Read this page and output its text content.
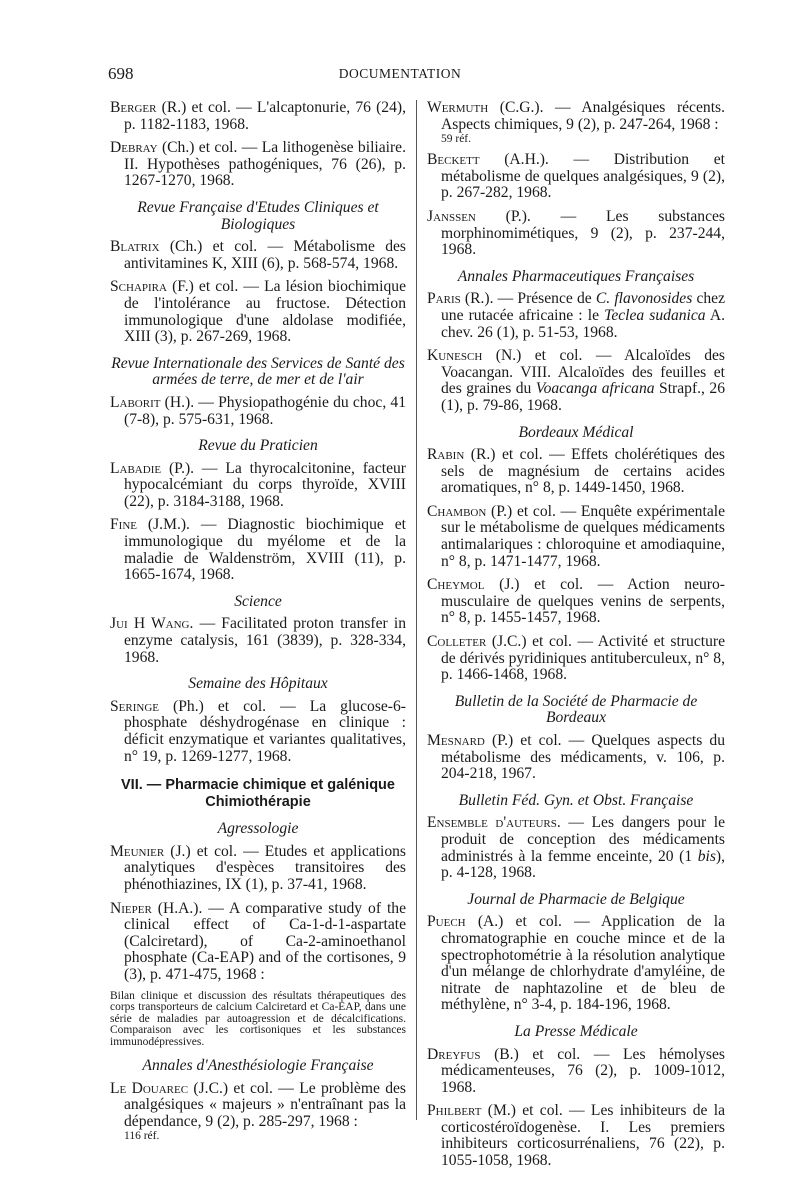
698	DOCUMENTATION

Berger (R.) et col. — L'alcaptonurie, 76 (24), p. 1182-1183, 1968.

Debray (Ch.) et col. — La lithogenèse biliaire. II. Hypothèses pathogéniques, 76 (26), p. 1267-1270, 1968.

Revue Française d'Etudes Cliniques et Biologiques

Blatrix (Ch.) et col. — Métabolisme des antivitamines K, XIII (6), p. 568-574, 1968.

Schapira (F.) et col. — La lésion biochimique de l'intolérance au fructose. Détection immunologique d'une aldolase modifiée, XIII (3), p. 267-269, 1968.

Revue Internationale des Services de Santé des armées de terre, de mer et de l'air

Laborit (H.). — Physiopathogénie du choc, 41 (7-8), p. 575-631, 1968.

Revue du Praticien

Labadie (P.). — La thyrocalcitonine, facteur hypocalcémiant du corps thyroïde, XVIII (22), p. 3184-3188, 1968.

Fine (J.M.). — Diagnostic biochimique et immunologique du myélome et de la maladie de Waldenström, XVIII (11), p. 1665-1674, 1968.

Science

Jui H Wang. — Facilitated proton transfer in enzyme catalysis, 161 (3839), p. 328-334, 1968.

Semaine des Hôpitaux

Seringe (Ph.) et col. — La glucose-6-phosphate déshydrogénase en clinique : déficit enzymatique et variantes qualitatives, n° 19, p. 1269-1277, 1968.

VII. — Pharmacie chimique et galénique Chimiothérapie
Agressologie

Meunier (J.) et col. — Etudes et applications analytiques d'espèces transitoires des phénothiazines, IX (1), p. 37-41, 1968.

Nieper (H.A.). — A comparative study of the clinical effect of Ca-1-d-1-aspartate (Calciretard), of Ca-2-aminoethanol phosphate (Ca-EAP) and of the cortisones, 9 (3), p. 471-475, 1968 :

Bilan clinique et discussion des résultats thérapeutiques des corps transporteurs de calcium Calciretard et Ca-EAP, dans une série de maladies par autoagression et de décalcifications. Comparaison avec les cortisoniques et les substances immunodépressives.

Annales d'Anesthésiologie Française

Le Douarec (J.C.) et col. — Le problème des analgésiques « majeurs » n'entraînant pas la dépendance, 9 (2), p. 285-297, 1968 :
116 réf.

Wermuth (C.G.). — Analgésiques récents. Aspects chimiques, 9 (2), p. 247-264, 1968 :
59 réf.

Beckett (A.H.). — Distribution et métabolisme de quelques analgésiques, 9 (2), p. 267-282, 1968.

Janssen (P.). — Les substances morphinomimétiques, 9 (2), p. 237-244, 1968.

Annales Pharmaceutiques Françaises

Paris (R.). — Présence de C. flavonosides chez une rutacée africaine : le Teclea sudanica A. chev. 26 (1), p. 51-53, 1968.

Kunesch (N.) et col. — Alcaloïdes des Voacangan. VIII. Alcaloïdes des feuilles et des graines du Voacanga africana Strapf., 26 (1), p. 79-86, 1968.

Bordeaux Médical

Rabin (R.) et col. — Effets cholérétiques des sels de magnésium de certains acides aromatiques, n° 8, p. 1449-1450, 1968.

Chambon (P.) et col. — Enquête expérimentale sur le métabolisme de quelques médicaments antimalariques : chloroquine et amodiaquine, n° 8, p. 1471-1477, 1968.

Cheymol (J.) et col. — Action neuro-musculaire de quelques venins de serpents, n° 8, p. 1455-1457, 1968.

Colleter (J.C.) et col. — Activité et structure de dérivés pyridiniques antituberculeux, n° 8, p. 1466-1468, 1968.

Bulletin de la Société de Pharmacie de Bordeaux

Mesnard (P.) et col. — Quelques aspects du métabolisme des médicaments, v. 106, p. 204-218, 1967.

Bulletin Féd. Gyn. et Obst. Française

Ensemble d'auteurs. — Les dangers pour le produit de conception des médicaments administrés à la femme enceinte, 20 (1 bis), p. 4-128, 1968.

Journal de Pharmacie de Belgique

Puech (A.) et col. — Application de la chromatographie en couche mince et de la spectrophotométrie à la résolution analytique d'un mélange de chlorhydrate d'amyléine, de nitrate de naphtazoline et de bleu de méthylène, n° 3-4, p. 184-196, 1968.

La Presse Médicale

Dreyfus (B.) et col. — Les hémolyses médicamenteuses, 76 (2), p. 1009-1012, 1968.

Philbert (M.) et col. — Les inhibiteurs de la corticostéroïdogenèse. I. Les premiers inhibiteurs corticosurrénaliens, 76 (22), p. 1055-1058, 1968.
